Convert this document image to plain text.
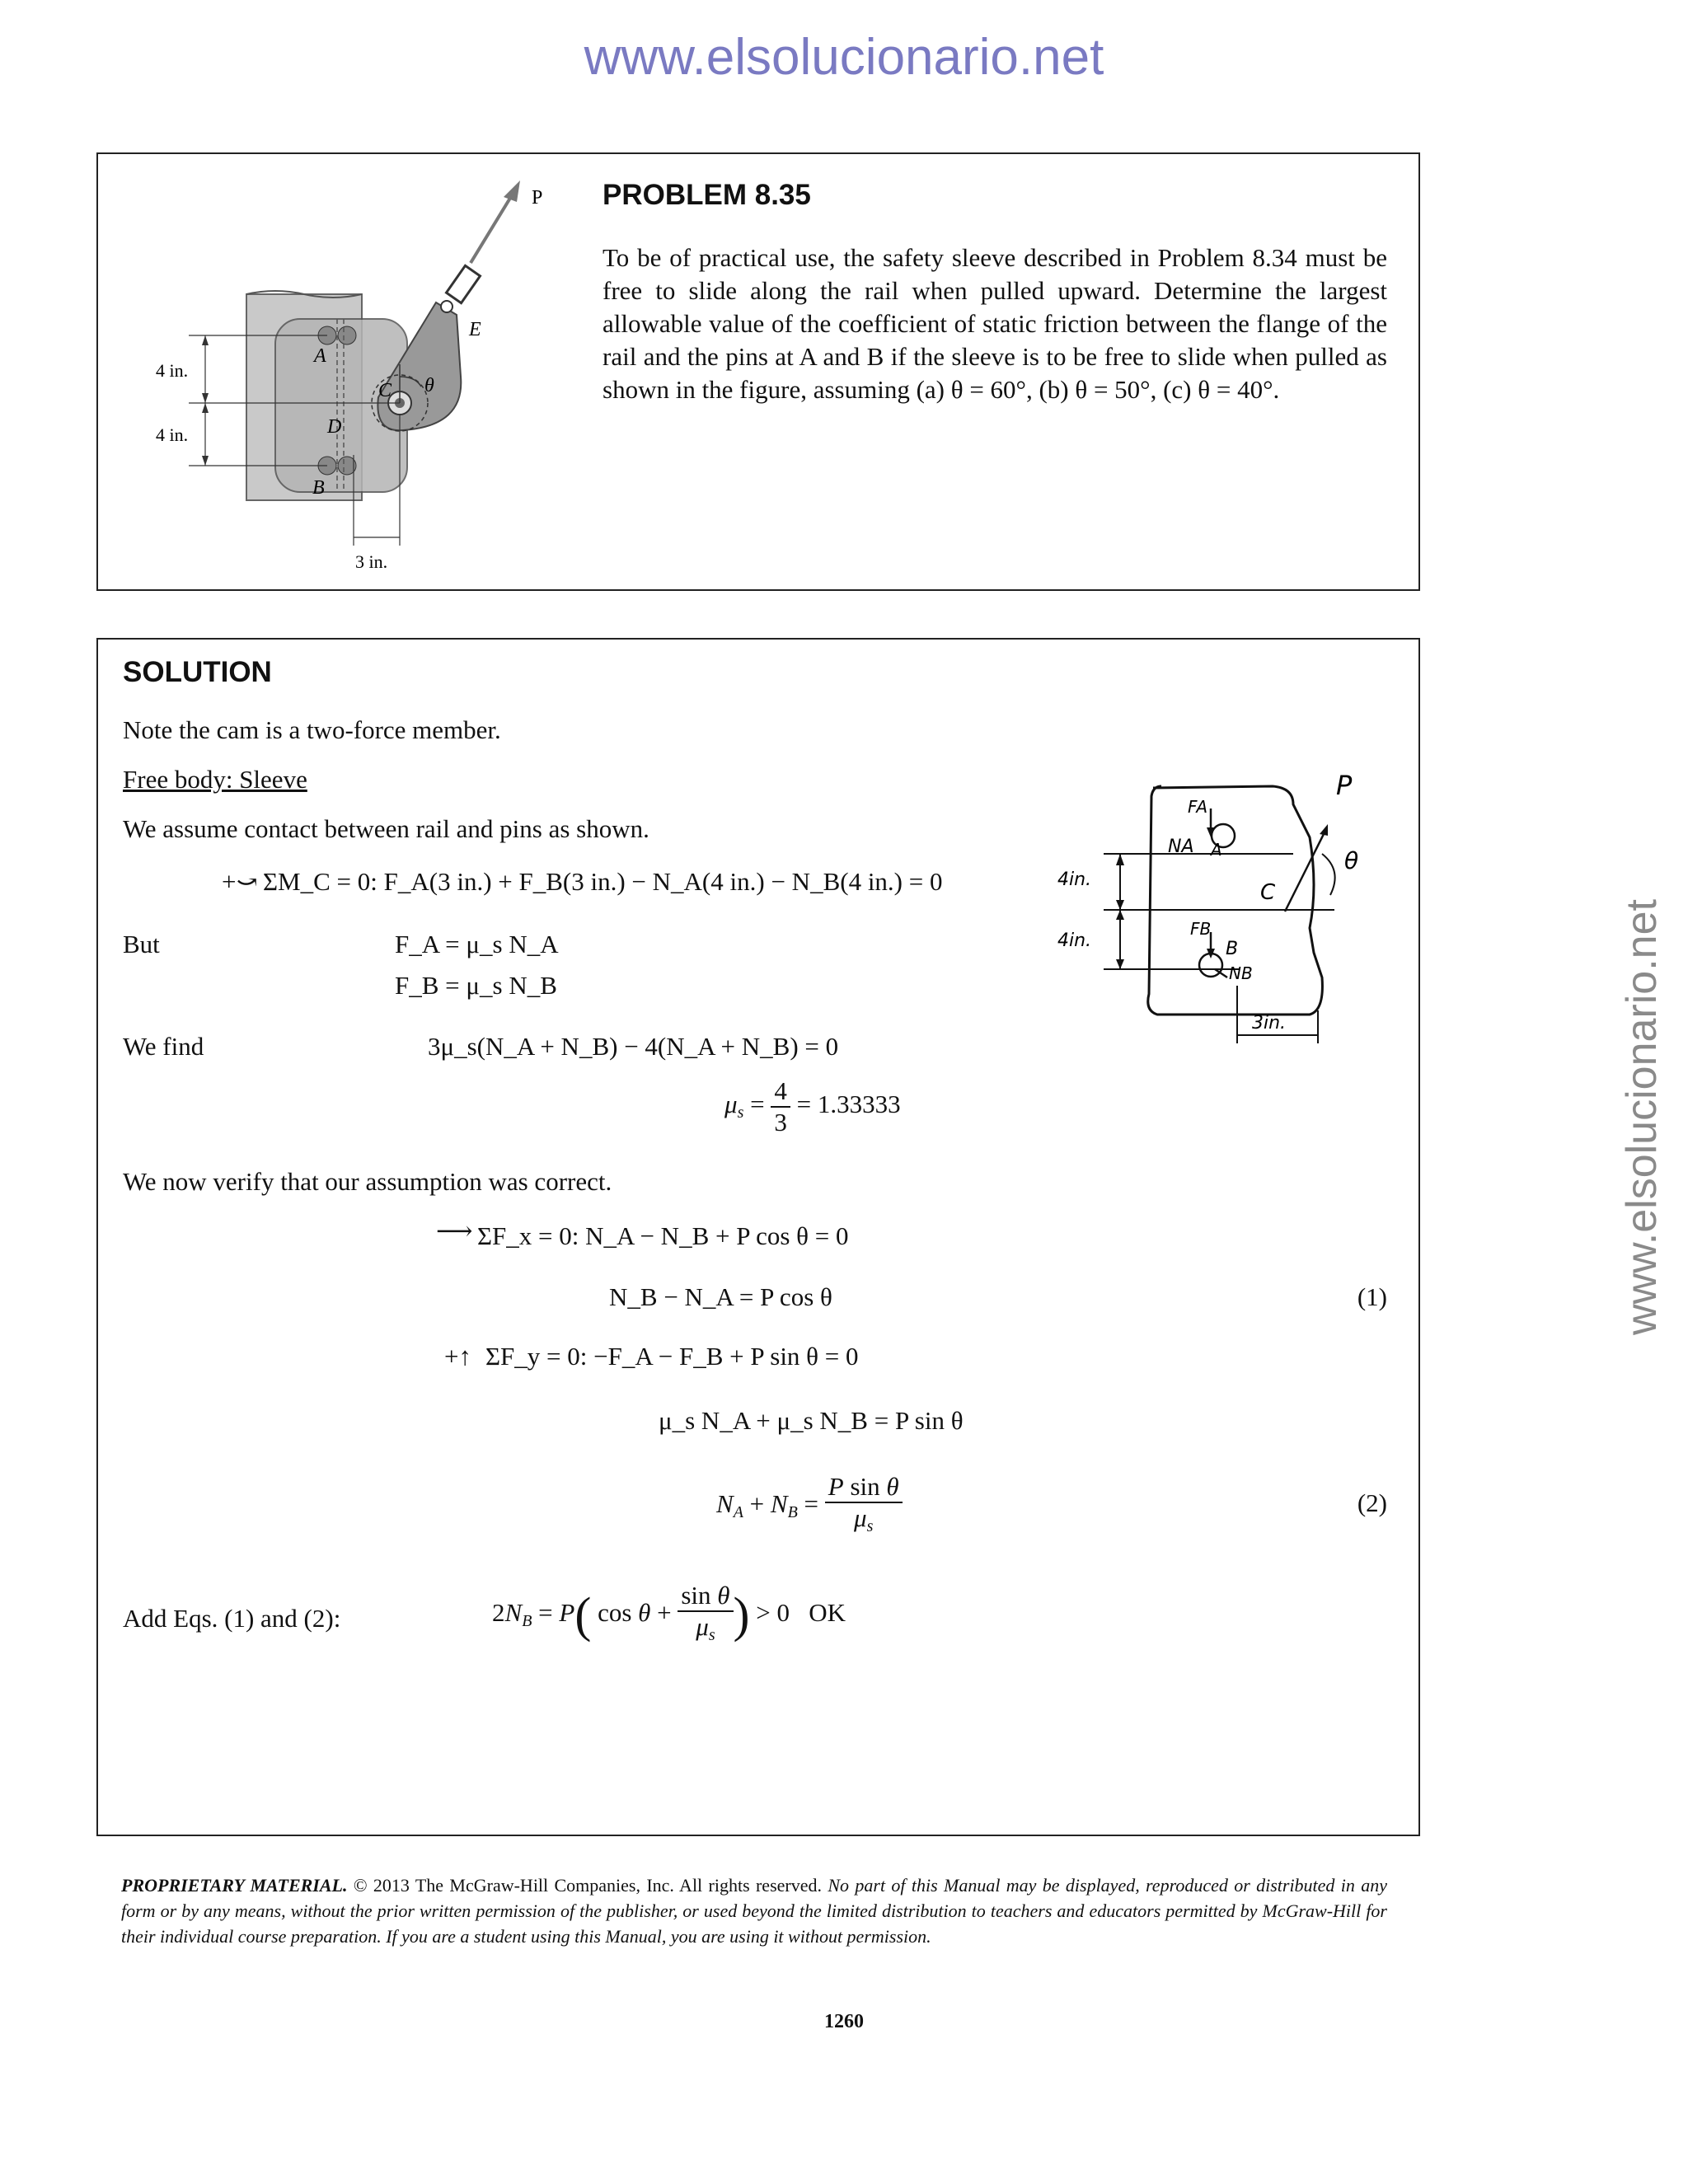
www.elsolucionario.net
www.elsolucionario.net
P
E
A
C θ
D
B
4 in.
4 in.
3 in.
PROBLEM 8.35
To be of practical use, the safety sleeve described in Problem 8.34 must be free to slide along the rail when pulled upward. Determine the largest allowable value of the coefficient of static friction between the flange of the rail and the pins at A and B if the sleeve is to be free to slide when pulled as shown in the figure, assuming (a) θ = 60°, (b) θ = 50°, (c) θ = 40°.
SOLUTION
Note the cam is a two-force member.
Free body: Sleeve
We assume contact between rail and pins as shown.
+⤻ ΣM_C = 0: F_A(3 in.) + F_B(3 in.) − N_A(4 in.) − N_B(4 in.) = 0
But	F_A = μ_s N_A
F_B = μ_s N_B
We find	3μ_s(N_A + N_B) − 4(N_A + N_B) = 0
$\mu_s = \frac{4}{3} = 1.33333$
We now verify that our assumption was correct.
⟶ ΣF_x = 0: N_A − N_B + P cos θ = 0
N_B − N_A = P cos θ	(1)
+↑ ΣF_y = 0: −F_A − F_B + P sin θ = 0
μ_s N_A + μ_s N_B = P sin θ
$N_A + N_B = \frac{\text{P sin θ}}{\mu_s}$	(2)
Add Eqs. (1) and (2):	$2N_B = P$( $\cos \theta + \frac{\text{sin θ}}{\mu_s}$ ) > 0   OK
P
FA
NA A
C
θ
FB
B
NB
4in.
4in.
3in.
PROPRIETARY MATERIAL. © 2013 The McGraw-Hill Companies, Inc. All rights reserved. No part of this Manual may be displayed, reproduced or distributed in any form or by any means, without the prior written permission of the publisher, or used beyond the limited distribution to teachers and educators permitted by McGraw-Hill for their individual course preparation. If you are a student using this Manual, you are using it without permission.
1260
